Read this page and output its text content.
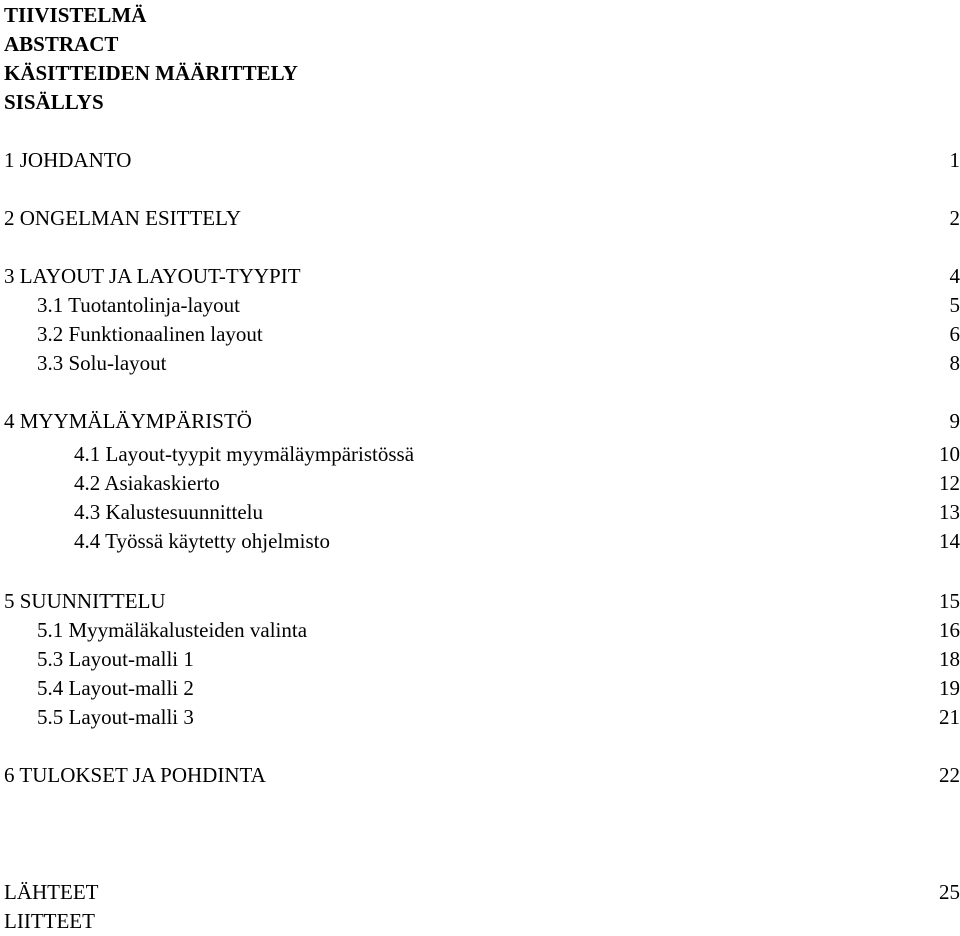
TIIVISTELMÄ
ABSTRACT
KÄSITTEIDEN MÄÄRITTELY
SISÄLLYS
1 JOHDANTO	1
2 ONGELMAN ESITTELY	2
3 LAYOUT JA LAYOUT-TYYPIT	4
3.1 Tuotantolinja-layout	5
3.2 Funktionaalinen layout	6
3.3 Solu-layout	8
4 MYYMÄLÄYMPÄRISTÖ	9
4.1 Layout-tyypit myymäläympäristössä	10
4.2 Asiakaskierto	12
4.3 Kalustesuunnittelu	13
4.4 Työssä käytetty ohjelmisto	14
5 SUUNNITTELU	15
5.1 Myymäläkalusteiden valinta	16
5.3 Layout-malli 1	18
5.4 Layout-malli 2	19
5.5 Layout-malli 3	21
6 TULOKSET JA POHDINTA	22
LÄHTEET	25
LIITTEET
